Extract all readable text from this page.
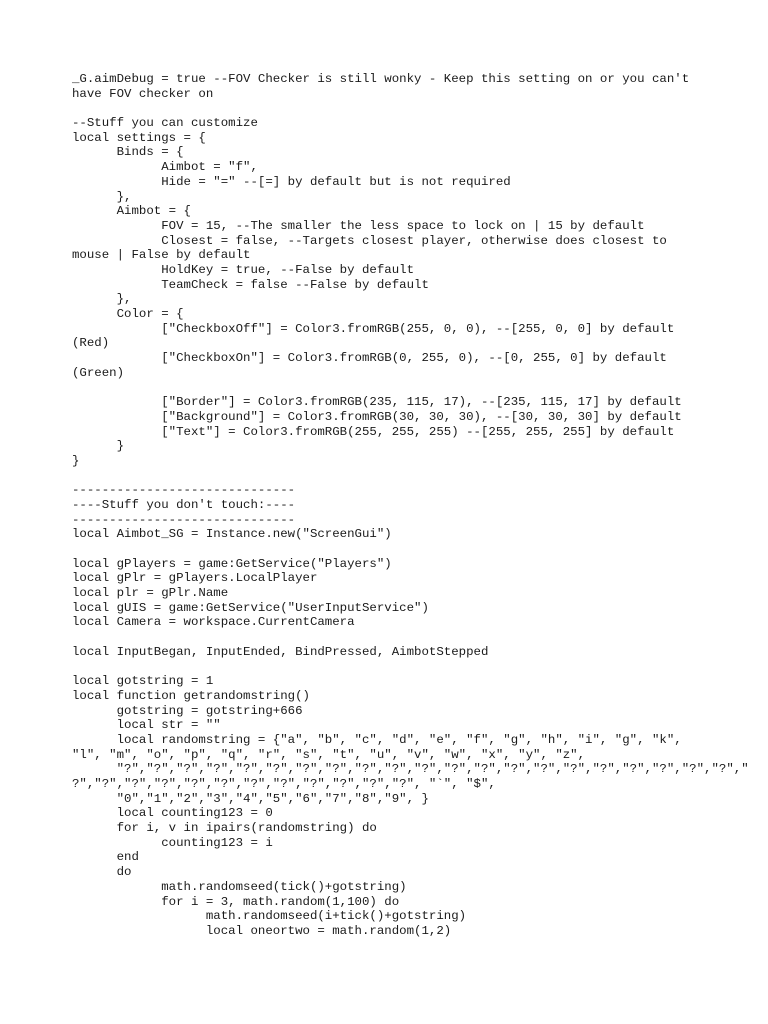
_G.aimDebug = true --FOV Checker is still wonky - Keep this setting on or you can't
have FOV checker on
--Stuff you can customize
local settings = {
Binds = {
Aimbot = "f",
Hide = "=" --[=] by default but is not required
},
Aimbot = {
FOV = 15, --The smaller the less space to lock on | 15 by default
Closest = false, --Targets closest player, otherwise does closest to
mouse | False by default
HoldKey = true, --False by default
TeamCheck = false --False by default
},
Color = {
["CheckboxOff"] = Color3.fromRGB(255, 0, 0), --[255, 0, 0] by default
(Red)
["CheckboxOn"] = Color3.fromRGB(0, 255, 0), --[0, 255, 0] by default
(Green)
["Border"] = Color3.fromRGB(235, 115, 17), --[235, 115, 17] by default
["Background"] = Color3.fromRGB(30, 30, 30), --[30, 30, 30] by default
["Text"] = Color3.fromRGB(255, 255, 255) --[255, 255, 255] by default
}
}
------------------------------
----Stuff you don't touch:----
------------------------------
local Aimbot_SG = Instance.new("ScreenGui")
local gPlayers = game:GetService("Players")
local gPlr = gPlayers.LocalPlayer
local plr = gPlr.Name
local gUIS = game:GetService("UserInputService")
local Camera = workspace.CurrentCamera
local InputBegan, InputEnded, BindPressed, AimbotStepped
local gotstring = 1
local function getrandomstring()
gotstring = gotstring+666
local str = ""
local randomstring = {"a", "b", "c", "d", "e", "f", "g", "h", "i", "g", "k",
"l", "m", "o", "p", "q", "r", "s", "t", "u", "v", "w", "x", "y", "z",
"?","?","?","?","?","?","?","?","?","?","?","?","?","?","?","?","?","?","?","?","?","
?","?","?","?","?","?","?","?","?","?","?","?", "`", "$",
"0","1","2","3","4","5","6","7","8","9", }
local counting123 = 0
for i, v in ipairs(randomstring) do
counting123 = i
end
do
math.randomseed(tick()+gotstring)
for i = 3, math.random(1,100) do
math.randomseed(i+tick()+gotstring)
local oneortwo = math.random(1,2)
